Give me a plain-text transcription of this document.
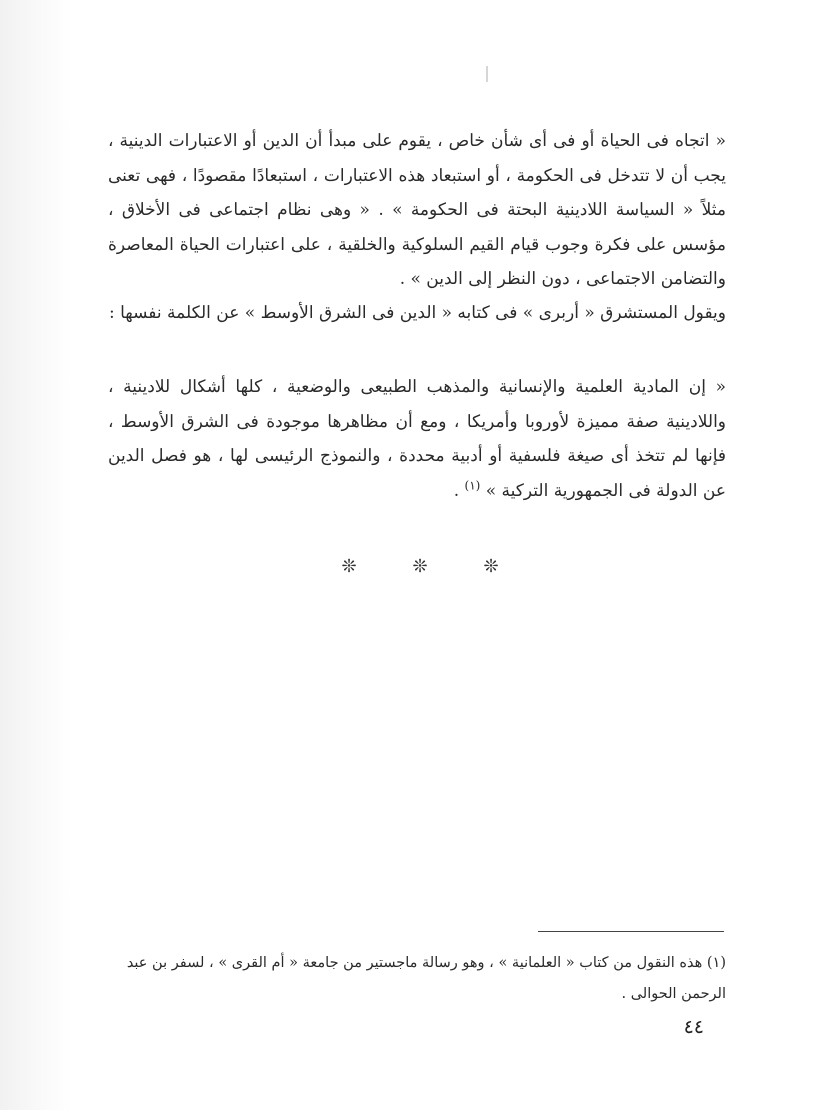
« اتجاه فى الحياة أو فى أى شأن خاص ، يقوم على مبدأ أن الدين أو الاعتبارات الدينية ، يجب أن لا تتدخل فى الحكومة ، أو استبعاد هذه الاعتبارات ، استبعادًا مقصودًا ، فهى تعنى مثلاً « السياسة اللادينية البحتة فى الحكومة » . « وهى نظام اجتماعى فى الأخلاق ، مؤسس على فكرة وجوب قيام القيم السلوكية والخلقية ، على اعتبارات الحياة المعاصرة والتضامن الاجتماعى ، دون النظر إلى الدين » .
ويقول المستشرق « أربرى » فى كتابه « الدين فى الشرق الأوسط » عن الكلمة نفسها :
« إن المادية العلمية والإنسانية والمذهب الطبيعى والوضعية ، كلها أشكال للادينية ، واللادينية صفة مميزة لأوروبا وأمريكا ، ومع أن مظاهرها موجودة فى الشرق الأوسط ، فإنها لم تتخذ أى صيغة فلسفية أو أدبية محددة ، والنموذج الرئيسى لها ، هو فصل الدين عن الدولة فى الجمهورية التركية » $^{(١)}$ .
❊	❊	❊
(١) هذه النقول من كتاب « العلمانية » ، وهو رسالة ماجستير من جامعة « أم القرى » ، لسفر بن عبد الرحمن الحوالى .
٤٤
